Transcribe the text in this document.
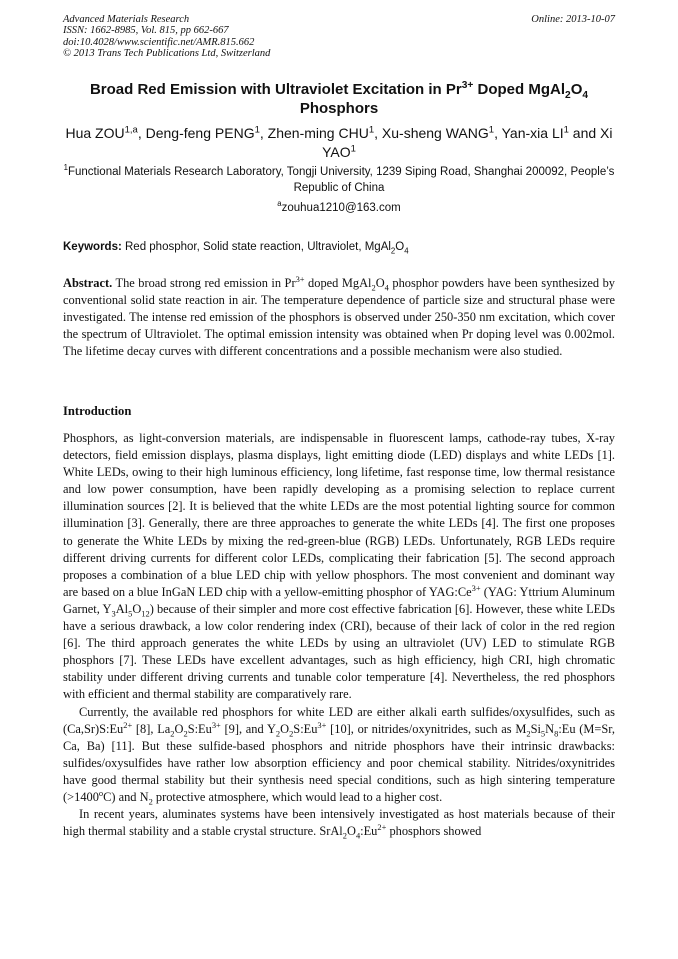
Advanced Materials Research
ISSN: 1662-8985, Vol. 815, pp 662-667
doi:10.4028/www.scientific.net/AMR.815.662
© 2013 Trans Tech Publications Ltd, Switzerland
Online: 2013-10-07
Broad Red Emission with Ultraviolet Excitation in $Pr^{3+}$ Doped $MgAl_2O_4$ Phosphors
Hua ZOU$^{1,a}$, Deng-feng PENG$^1$, Zhen-ming CHU$^1$, Xu-sheng WANG$^1$, Yan-xia $LI^1$ and Xi YAO$^1$
$^1$Functional Materials Research Laboratory, Tongji University, 1239 Siping Road, Shanghai 200092, People’s Republic of China
$^a$zouhua1210@163.com
Keywords: Red phosphor, Solid state reaction, Ultraviolet, $MgAl_2O_4$

Abstract. The broad strong red emission in $Pr^{3+}$ doped $MgAl_2O_4$ phosphor powders have been synthesized by conventional solid state reaction in air. The temperature dependence of particle size and structural phase were investigated. The intense red emission of the phosphors is observed under 250-350 nm excitation, which cover the spectrum of Ultraviolet. The optimal emission intensity was obtained when Pr doping level was 0.002mol. The lifetime decay curves with different concentrations and a possible mechanism were also studied.

Introduction

Phosphors, as light-conversion materials, are indispensable in fluorescent lamps, cathode-ray tubes, X-ray detectors, field emission displays, plasma displays, light emitting diode (LED) displays and white LEDs [1]. White LEDs, owing to their high luminous efficiency, long lifetime, fast response time, low thermal resistance and low power consumption, have been rapidly developing as a promising selection to replace current illumination sources [2]. It is believed that the white LEDs are the most potential lighting source for common illumination [3]. Generally, there are three approaches to generate the white LEDs [4]. The first one proposes to generate the White LEDs by mixing the red-green-blue (RGB) LEDs. Unfortunately, RGB LEDs require different driving currents for different color LEDs, complicating their fabrication [5]. The second approach proposes a combination of a blue LED chip with yellow phosphors. The most convenient and dominant way are based on a blue InGaN LED chip with a yellow-emitting phosphor of $YAG:Ce^{3+}$ (YAG: Yttrium Aluminum Garnet, $Y_3Al_5O_{12}$) because of their simpler and more cost effective fabrication [6]. However, these white LEDs have a serious drawback, a low color rendering index (CRI), because of their lack of color in the red region [6]. The third approach generates the white LEDs by using an ultraviolet (UV) LED to stimulate RGB phosphors [7]. These LEDs have excellent advantages, such as high efficiency, high CRI, high chromatic stability under different driving currents and tunable color temperature [4]. Nevertheless, the red phosphors with efficient and thermal stability are comparatively rare.

Currently, the available red phosphors for white LED are either alkali earth sulfides/oxysulfides, such as $(Ca,Sr)S:Eu^{2+}$ [8], $La_2O_2S:Eu^{3+}$ [9], and $Y_2O_2S:Eu^{3+}$ [10], or nitrides/oxynitrides, such as $M_2Si_5N_8:Eu$ (M=Sr, Ca, Ba) [11]. But these sulfide-based phosphors and nitride phosphors have their intrinsic drawbacks: sulfides/oxysulfides have rather low absorption efficiency and poor chemical stability. Nitrides/oxynitrides have good thermal stability but their synthesis need special conditions, such as high sintering temperature $(>1400^oC)$ and $N_2$ protective atmosphere, which would lead to a higher cost.

In recent years, aluminates systems have been intensively investigated as host materials because of their high thermal stability and a stable crystal structure. $SrAl_2O_4:Eu^{2+}$ phosphors showed
